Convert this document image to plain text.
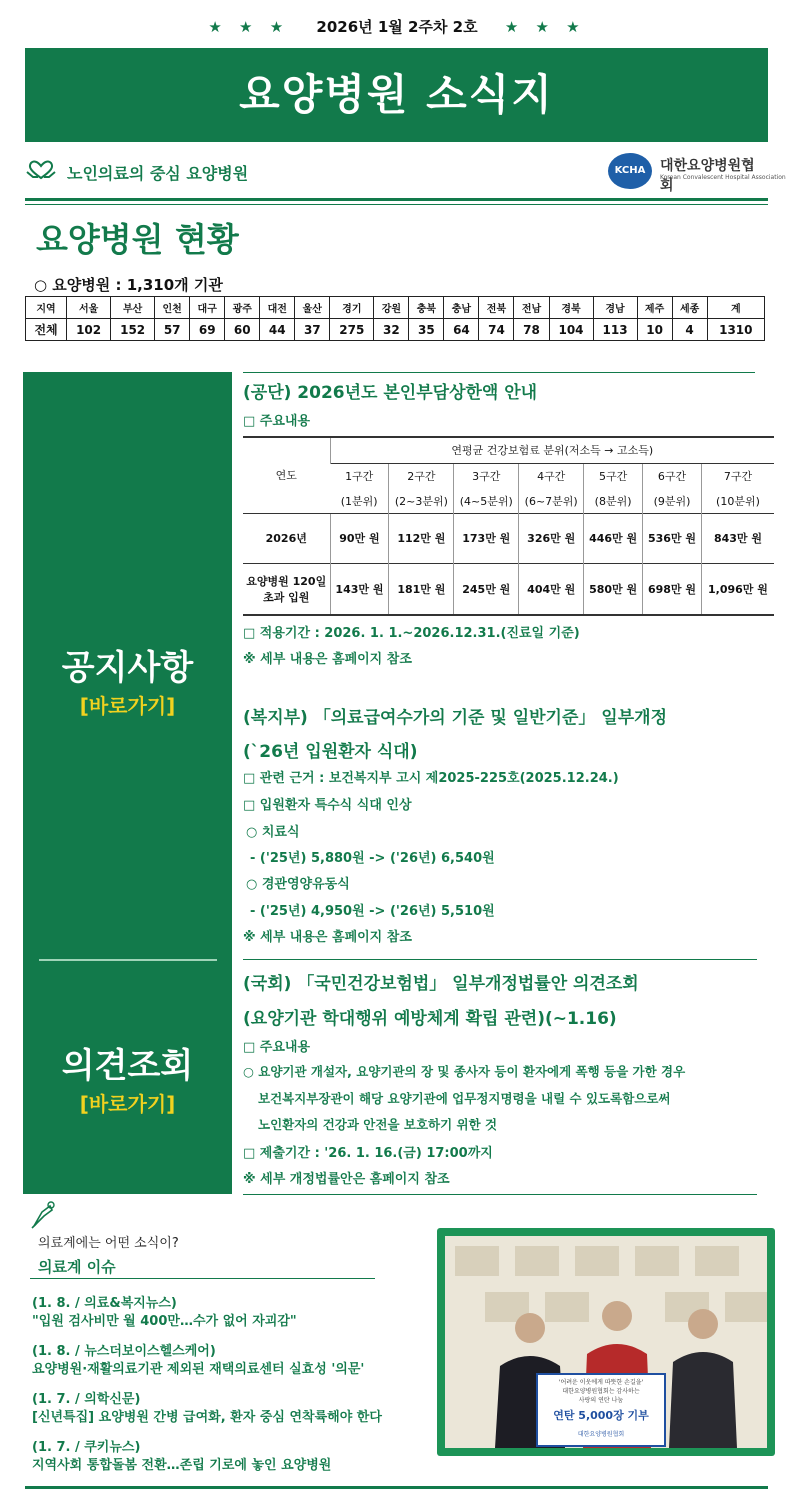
★ ★ ★ 2026년 1월 2주차 2호 ★ ★ ★
요양병원 소식지
노인의료의 중심 요양병원	KCHA	대한요양병원협회
Korean Convalescent Hospital Association
요양병원 현황
○ 요양병원 : 1,310개 기관
지역	서울	부산	인천	대구	광주	대전	울산	경기	강원	충북	충남	전북	전남	경북	경남	제주	세종	계
전체	102	152	57	69	60	44	37	275	32	35	64	74	78	104	113	10	4	1310
공지사항
[바로가기]
의견조회
[바로가기]
(공단) 2026년도 본인부담상한액 안내
□ 주요내용
연도	연평균 건강보험료 분위(저소득 → 고소득)						
	1구간	2구간	3구간	4구간	5구간	6구간	7구간
	(1분위)	(2~3분위)	(4~5분위)	(6~7분위)	(8분위)	(9분위)	(10분위)
2026년	90만 원	112만 원	173만 원	326만 원	446만 원	536만 원	843만 원
요양병원 120일 초과 입원	143만 원	181만 원	245만 원	404만 원	580만 원	698만 원	1,096만 원
□ 적용기간 : 2026. 1. 1.~2026.12.31.(진료일 기준)
※ 세부 내용은 홈페이지 참조
(복지부) 「의료급여수가의 기준 및 일반기준」 일부개정
(`26년 입원환자 식대)
□ 관련 근거 : 보건복지부 고시 제2025-225호(2025.12.24.)
□ 입원환자 특수식 식대 인상
○ 치료식
- ('25년) 5,880원 -> ('26년) 6,540원
○ 경관영양유동식
- ('25년) 4,950원 -> ('26년) 5,510원
※ 세부 내용은 홈페이지 참조
(국회) 「국민건강보험법」 일부개정법률안 의견조회
(요양기관 학대행위 예방체계 확립 관련)(~1.16)
□ 주요내용
○ 요양기관 개설자, 요양기관의 장 및 종사자 등이 환자에게 폭행 등을 가한 경우
보건복지부장관이 해당 요양기관에 업무정지명령을 내릴 수 있도록함으로써
노인환자의 건강과 안전을 보호하기 위한 것
□ 제출기간 : '26. 1. 16.(금) 17:00까지
※ 세부 개정법률안은 홈페이지 참조
의료계에는 어떤 소식이?
의료계 이슈
(1. 8. / 의료&복지뉴스)
"입원 검사비만 월 400만…수가 없어 자괴감"
(1. 8. / 뉴스더보이스헬스케어)
요양병원·재활의료기관 제외된 재택의료센터 실효성 '의문'
(1. 7. / 의학신문)
[신년특집] 요양병원 간병 급여화, 환자 중심 연착륙해야 한다
(1. 7. / 쿠키뉴스)
지역사회 통합돌봄 전환…존립 기로에 놓인 요양병원
'어려운 이웃에게 따뜻한 손길을'
대한요양병원협회는 감사하는
사랑의 연탄 나눔
연탄 5,000장 기부
대한요양병원협회
